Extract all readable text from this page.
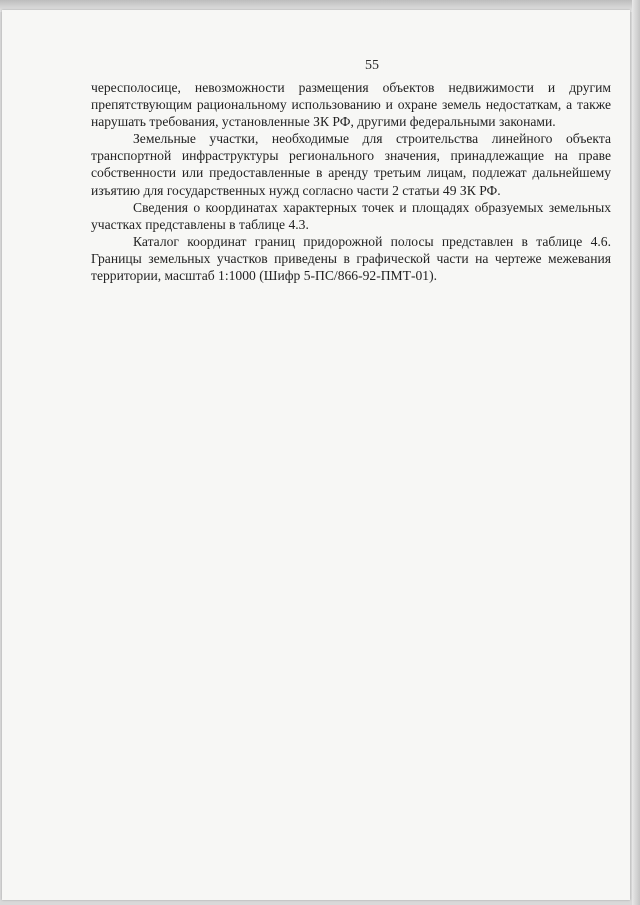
55

чересполосице, невозможности размещения объектов недвижимости и другим препятствующим рациональному использованию и охране земель недостаткам, а также нарушать требования, установленные ЗК РФ, другими федеральными законами.

Земельные участки, необходимые для строительства линейного объекта транспортной инфраструктуры регионального значения, принадлежащие на праве собственности или предоставленные в аренду третьим лицам, подлежат дальнейшему изъятию для государственных нужд согласно части 2 статьи 49 ЗК РФ.

Сведения о координатах характерных точек и площадях образуемых земельных участках представлены в таблице 4.3.

Каталог координат границ придорожной полосы представлен в таблице 4.6. Границы земельных участков приведены в графической части на чертеже межевания территории, масштаб 1:1000 (Шифр 5-ПС/866-92-ПМТ-01).
